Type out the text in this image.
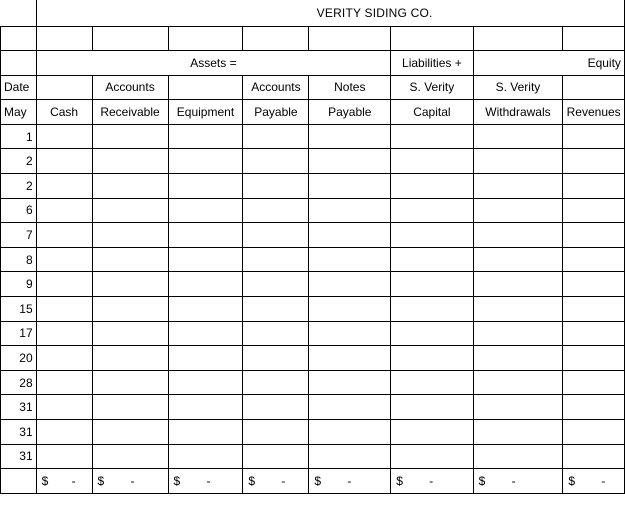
	VERITY SIDING CO.							

	Assets =					Liabilities +	Equity	
Date		Accounts		Accounts	Notes	S. Verity	S. Verity	
May	Cash	Receivable	Equipment	Payable	Payable	Capital	Withdrawals	Revenues
1								
2								
2								
6								
7								
8								
9								
15								
17								
20								
28								
31								
31								
31								

	$ -	$ -	$ -	$ -	$ -	$ -	$ -	$ -
